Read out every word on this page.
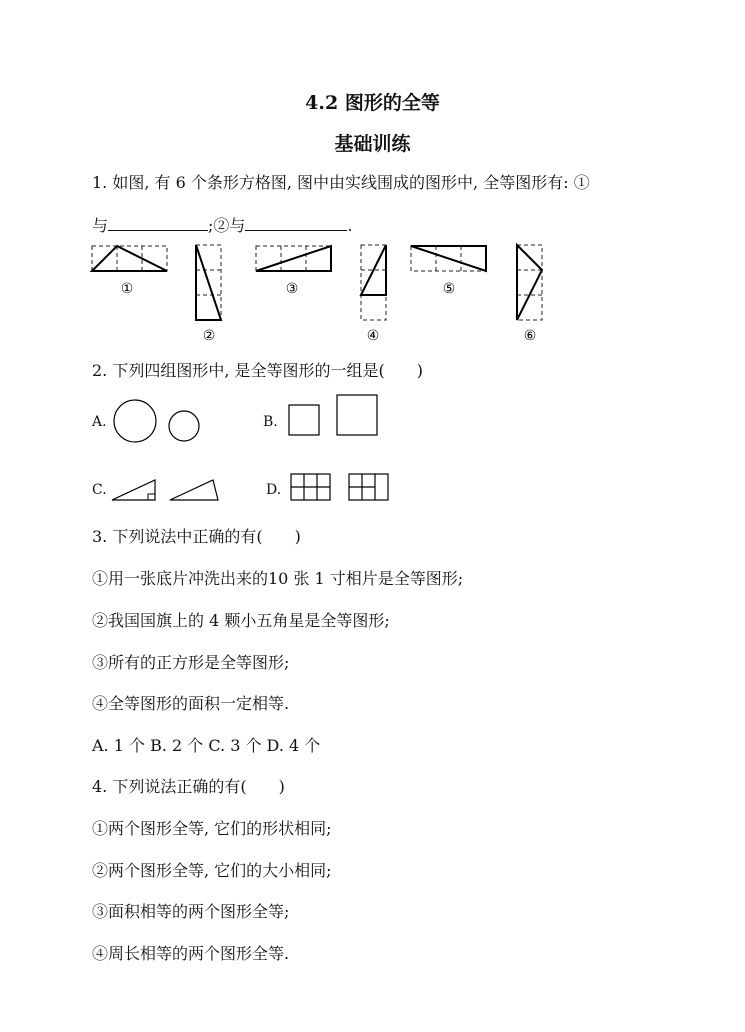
4.2 图形的全等
基础训练
1. 如图, 有 6 个条形方格图, 图中由实线围成的图形中, 全等图形有: ①
与	;②与	.
①
②
③
④
⑤
⑥
2. 下列四组图形中, 是全等图形的一组是(　　)
A.	B.
C.	D.
3. 下列说法中正确的有(　　)
①用一张底片冲洗出来的10 张 1 寸相片是全等图形;
②我国国旗上的 4 颗小五角星是全等图形;
③所有的正方形是全等图形;
④全等图形的面积一定相等.
A. 1 个 B. 2 个 C. 3 个 D. 4 个
4. 下列说法正确的有(　　)
①两个图形全等, 它们的形状相同;
②两个图形全等, 它们的大小相同;
③面积相等的两个图形全等;
④周长相等的两个图形全等.
